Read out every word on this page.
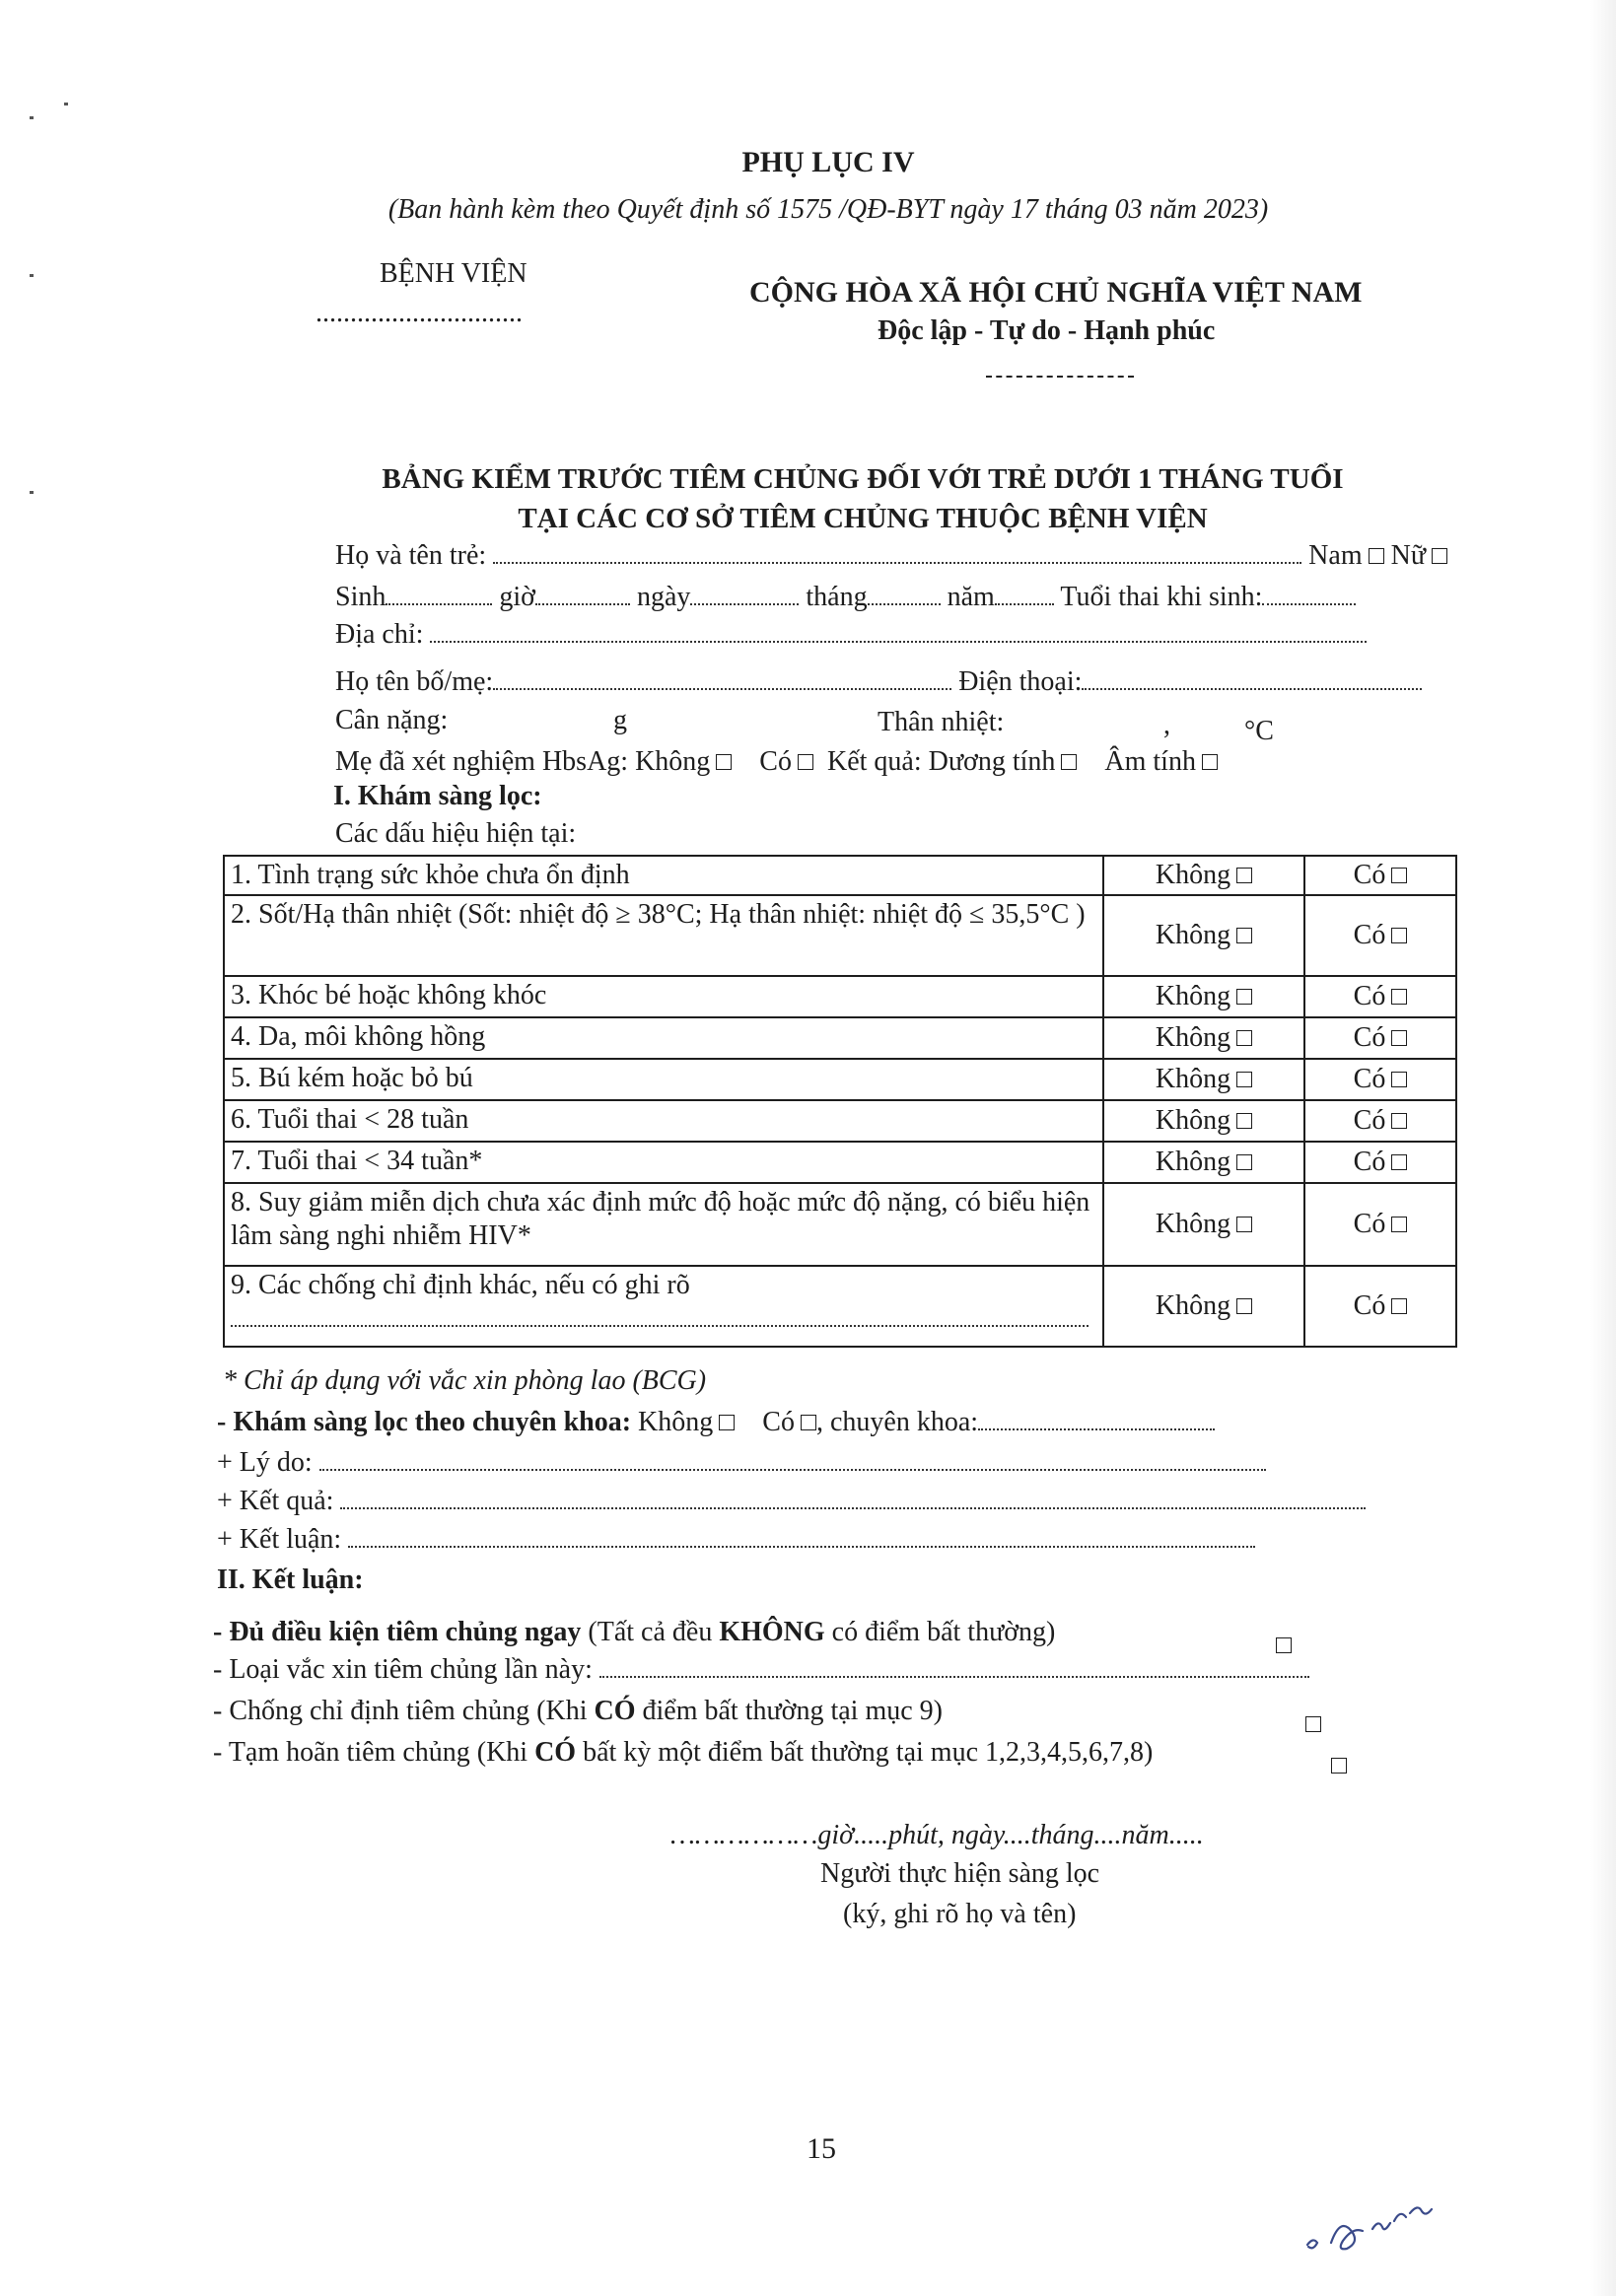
PHỤ LỤC IV
(Ban hành kèm theo Quyết định số 1575 /QĐ-BYT ngày 17 tháng 03 năm 2023)
BỆNH VIỆN
..............................
CỘNG HÒA XÃ HỘI CHỦ NGHĨA VIỆT NAM
Độc lập - Tự do - Hạnh phúc
BẢNG KIỂM TRƯỚC TIÊM CHỦNG ĐỐI VỚI TRẺ DƯỚI 1 THÁNG TUỔI
TẠI CÁC CƠ SỞ TIÊM CHỦNG THUỘC BỆNH VIỆN
Họ và tên trẻ:	Nam Nữ
Sinh	giờ	ngày	tháng	năm Tuổi thai khi sinh:
Địa chỉ:
Họ tên bố/mẹ:	Điện thoại:
Cân nặng:	g	Thân nhiệt:	,	°C
Mẹ đã xét nghiệm HbsAg: Không Có Kết quả: Dương tính Âm tính
I. Khám sàng lọc:
Các dấu hiệu hiện tại:
1. Tình trạng sức khỏe chưa ổn định	Không	Có
2. Sốt/Hạ thân nhiệt (Sốt: nhiệt độ ≥ 38°C; Hạ thân nhiệt: nhiệt độ ≤ 35,5°C )	Không	Có
3. Khóc bé hoặc không khóc	Không	Có
4. Da, môi không hồng	Không	Có
5. Bú kém hoặc bỏ bú	Không	Có
6. Tuổi thai < 28 tuần	Không	Có
7. Tuổi thai < 34 tuần*	Không	Có
8. Suy giảm miễn dịch chưa xác định mức độ hoặc mức độ nặng, có biểu hiện lâm sàng nghi nhiễm HIV*	Không	Có

9. Các chống chỉ định khác, nếu có ghi rõ	Không	Có
* Chỉ áp dụng với vắc xin phòng lao (BCG)
- Khám sàng lọc theo chuyên khoa: Không Có , chuyên khoa:
+ Lý do:
+ Kết quả:
+ Kết luận:
II. Kết luận:
- Đủ điều kiện tiêm chủng ngay (Tất cả đều KHÔNG có điểm bất thường)

- Loại vắc xin tiêm chủng lần này:
- Chống chỉ định tiêm chủng (Khi CÓ điểm bất thường tại mục 9)

- Tạm hoãn tiêm chủng (Khi CÓ bất kỳ một điểm bất thường tại mục 1,2,3,4,5,6,7,8)
………………giờ.....phút, ngày....tháng....năm.....
Người thực hiện sàng lọc
(ký, ghi rõ họ và tên)
15
